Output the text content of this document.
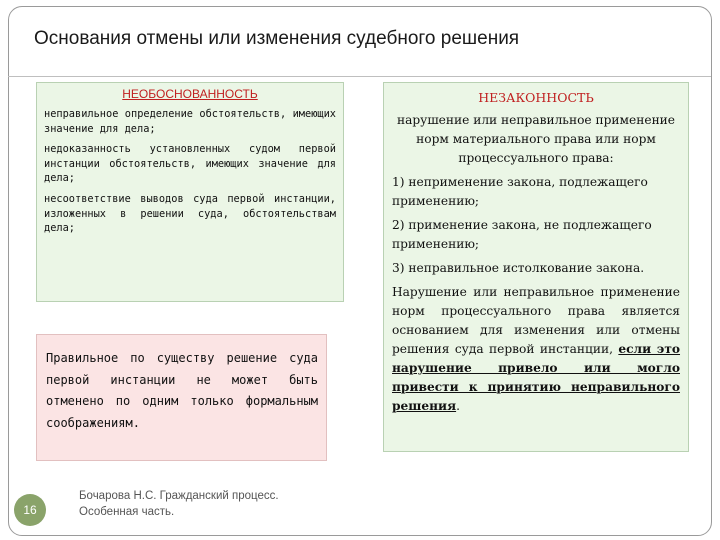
Основания отмены или изменения судебного решения
НЕОБОСНОВАННОСТЬ

неправильное определение обстоятельств, имеющих значение для дела;

недоказанность установленных судом первой инстанции обстоятельств, имеющих значение для дела;

несоответствие выводов суда первой инстанции, изложенных в решении суда, обстоятельствам дела;

Правильное по существу решение суда первой инстанции не может быть отменено по одним только формальным соображениям.
НЕЗАКОННОСТЬ

нарушение или неправильное применение норм материального права или норм процессуального права:

1) неприменение закона, подлежащего применению;

2) применение закона, не подлежащего применению;

3) неправильное истолкование закона.

Нарушение или неправильное применение норм процессуального права является основанием для изменения или отмены решения суда первой инстанции, если это нарушение привело или могло привести к принятию неправильного решения.

16
Бочарова Н.С. Гражданский процесс.
Особенная часть.
